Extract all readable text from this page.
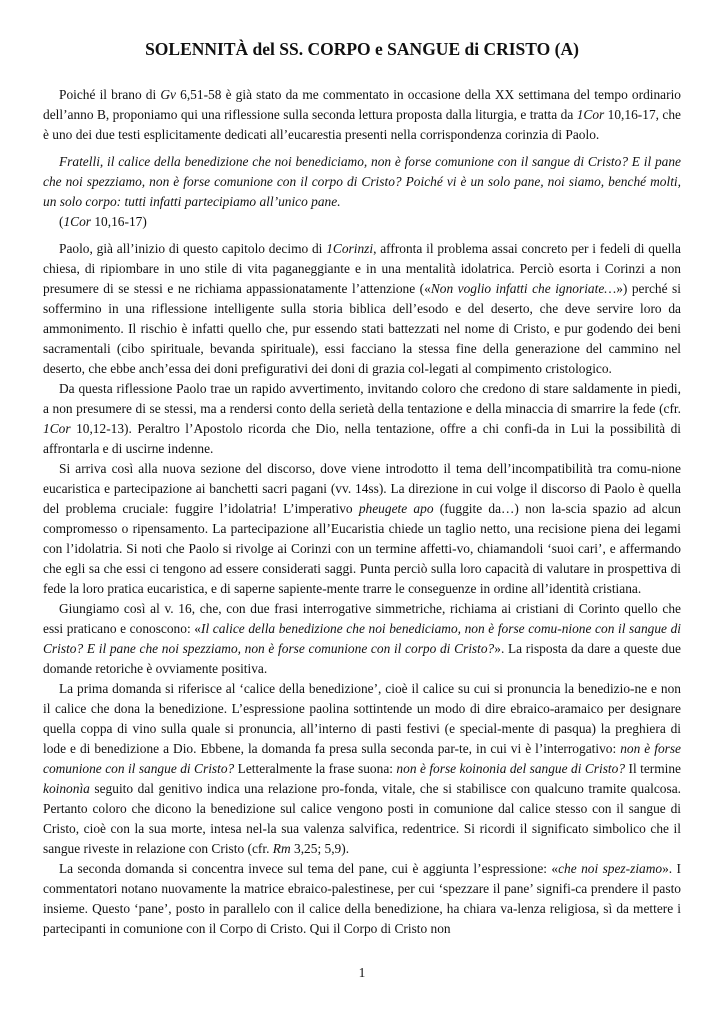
SOLENNITÀ del SS. CORPO e SANGUE di CRISTO (A)

Poiché il brano di Gv 6,51-58 è già stato da me commentato in occasione della XX settimana del tempo ordinario dell’anno B, proponiamo qui una riflessione sulla seconda lettura proposta dalla liturgia, e tratta da 1Cor 10,16-17, che è uno dei due testi esplicitamente dedicati all’eucarestia presenti nella corrispondenza corinzia di Paolo.

Fratelli, il calice della benedizione che noi benediciamo, non è forse comunione con il sangue di Cristo? E il pane che noi spezziamo, non è forse comunione con il corpo di Cristo? Poiché vi è un solo pane, noi siamo, benché molti, un solo corpo: tutti infatti partecipiamo all’unico pane.

(1Cor 10,16-17)

Paolo, già all’inizio di questo capitolo decimo di 1Corinzi, affronta il problema assai concreto per i fedeli di quella chiesa, di ripiombare in uno stile di vita paganeggiante e in una mentalità idolatrica. Perciò esorta i Corinzi a non presumere di se stessi e ne richiama appassionatamente l’attenzione («Non voglio infatti che ignoriate…») perché si soffermino in una riflessione intelligente sulla storia biblica dell’esodo e del deserto, che deve servire loro da ammonimento. Il rischio è infatti quello che, pur essendo stati battezzati nel nome di Cristo, e pur godendo dei beni sacramentali (cibo spirituale, bevanda spirituale), essi facciano la stessa fine della generazione del cammino nel deserto, che ebbe anch’essa dei doni prefigurativi dei doni di grazia col-legati al compimento cristologico.

Da questa riflessione Paolo trae un rapido avvertimento, invitando coloro che credono di stare saldamente in piedi, a non presumere di se stessi, ma a rendersi conto della serietà della tentazione e della minaccia di smarrire la fede (cfr. 1Cor 10,12-13). Peraltro l’Apostolo ricorda che Dio, nella tentazione, offre a chi confi-da in Lui la possibilità di affrontarla e di uscirne indenne.

Si arriva così alla nuova sezione del discorso, dove viene introdotto il tema dell’incompatibilità tra comu-nione eucaristica e partecipazione ai banchetti sacri pagani (vv. 14ss). La direzione in cui volge il discorso di Paolo è quella del problema cruciale: fuggire l’idolatria! L’imperativo pheugete apo (fuggite da…) non la-scia spazio ad alcun compromesso o ripensamento. La partecipazione all’Eucaristia chiede un taglio netto, una recisione piena dei legami con l’idolatria. Si noti che Paolo si rivolge ai Corinzi con un termine affetti-vo, chiamandoli ‘suoi cari’, e affermando che egli sa che essi ci tengono ad essere considerati saggi. Punta perciò sulla loro capacità di valutare in prospettiva di fede la loro pratica eucaristica, e di saperne sapiente-mente trarre le conseguenze in ordine all’identità cristiana.

Giungiamo così al v. 16, che, con due frasi interrogative simmetriche, richiama ai cristiani di Corinto quello che essi praticano e conoscono: «Il calice della benedizione che noi benediciamo, non è forse comu-nione con il sangue di Cristo? E il pane che noi spezziamo, non è forse comunione con il corpo di Cristo?». La risposta da dare a queste due domande retoriche è ovviamente positiva.

La prima domanda si riferisce al ‘calice della benedizione’, cioè il calice su cui si pronuncia la benedizio-ne e non il calice che dona la benedizione. L’espressione paolina sottintende un modo di dire ebraico-aramaico per designare quella coppa di vino sulla quale si pronuncia, all’interno di pasti festivi (e special-mente di pasqua) la preghiera di lode e di benedizione a Dio. Ebbene, la domanda fa presa sulla seconda par-te, in cui vi è l’interrogativo: non è forse comunione con il sangue di Cristo? Letteralmente la frase suona: non è forse koinonia del sangue di Cristo? Il termine koinonìa seguito dal genitivo indica una relazione pro-fonda, vitale, che si stabilisce con qualcuno tramite qualcosa. Pertanto coloro che dicono la benedizione sul calice vengono posti in comunione dal calice stesso con il sangue di Cristo, cioè con la sua morte, intesa nel-la sua valenza salvifica, redentrice. Si ricordi il significato simbolico che il sangue riveste in relazione con Cristo (cfr. Rm 3,25; 5,9).

La seconda domanda si concentra invece sul tema del pane, cui è aggiunta l’espressione: «che noi spez-ziamo». I commentatori notano nuovamente la matrice ebraico-palestinese, per cui ‘spezzare il pane’ signifi-ca prendere il pasto insieme. Questo ‘pane’, posto in parallelo con il calice della benedizione, ha chiara va-lenza religiosa, sì da mettere i partecipanti in comunione con il Corpo di Cristo. Qui il Corpo di Cristo non

1
